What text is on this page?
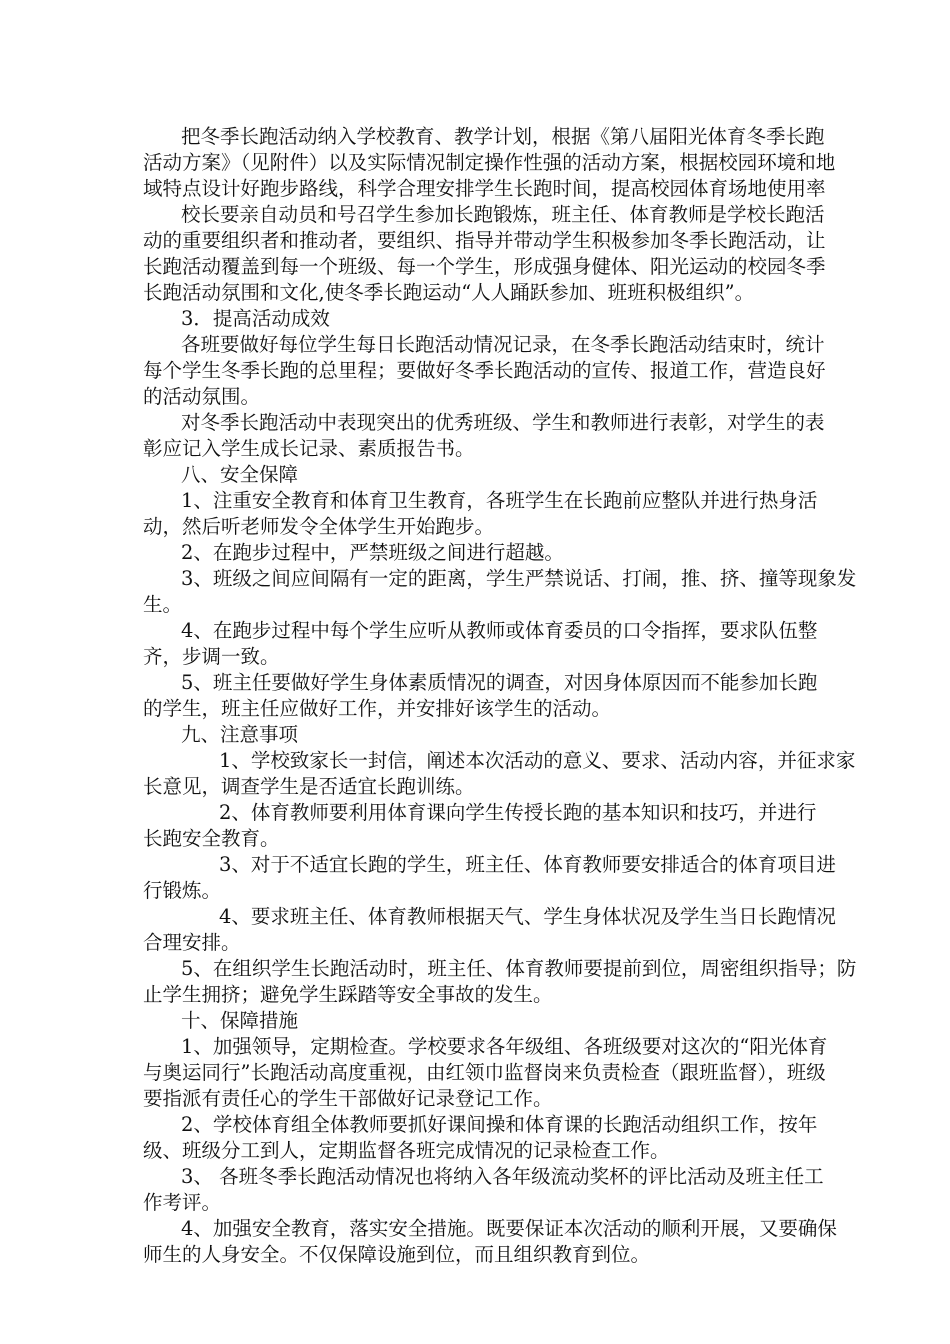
把冬季长跑活动纳入学校教育、教学计划，根据《第八届阳光体育冬季长跑
活动方案》（见附件）以及实际情况制定操作性强的活动方案，根据校园环境和地
域特点设计好跑步路线，科学合理安排学生长跑时间，提高校园体育场地使用率
校长要亲自动员和号召学生参加长跑锻炼，班主任、体育教师是学校长跑活
动的重要组织者和推动者，要组织、指导并带动学生积极参加冬季长跑活动，让
长跑活动覆盖到每一个班级、每一个学生，形成强身健体、阳光运动的校园冬季
长跑活动氛围和文化,使冬季长跑运动“人人踊跃参加、班班积极组织”。
3．提高活动成效
各班要做好每位学生每日长跑活动情况记录，在冬季长跑活动结束时，统计
每个学生冬季长跑的总里程；要做好冬季长跑活动的宣传、报道工作，营造良好
的活动氛围。
对冬季长跑活动中表现突出的优秀班级、学生和教师进行表彰，对学生的表
彰应记入学生成长记录、素质报告书。
八、安全保障
1、注重安全教育和体育卫生教育，各班学生在长跑前应整队并进行热身活
动，然后听老师发令全体学生开始跑步。
2、在跑步过程中，严禁班级之间进行超越。
3、班级之间应间隔有一定的距离，学生严禁说话、打闹，推、挤、撞等现象发
生。
4、在跑步过程中每个学生应听从教师或体育委员的口令指挥，要求队伍整
齐，步调一致。
5、班主任要做好学生身体素质情况的调查，对因身体原因而不能参加长跑
的学生，班主任应做好工作，并安排好该学生的活动。
九、注意事项
1、学校致家长一封信，阐述本次活动的意义、要求、活动内容，并征求家
长意见，调查学生是否适宜长跑训练。
2、体育教师要利用体育课向学生传授长跑的基本知识和技巧，并进行
长跑安全教育。
3、对于不适宜长跑的学生，班主任、体育教师要安排适合的体育项目进
行锻炼。
4、要求班主任、体育教师根据天气、学生身体状况及学生当日长跑情况
合理安排。
5、在组织学生长跑活动时，班主任、体育教师要提前到位，周密组织指导；防
止学生拥挤；避免学生踩踏等安全事故的发生。
十、保障措施
1、加强领导，定期检查。学校要求各年级组、各班级要对这次的“阳光体育
与奥运同行”长跑活动高度重视，由红领巾监督岗来负责检查（跟班监督），班级
要指派有责任心的学生干部做好记录登记工作。
2、学校体育组全体教师要抓好课间操和体育课的长跑活动组织工作，按年
级、班级分工到人，定期监督各班完成情况的记录检查工作。
3、 各班冬季长跑活动情况也将纳入各年级流动奖杯的评比活动及班主任工
作考评。
4、加强安全教育，落实安全措施。既要保证本次活动的顺利开展，又要确保
师生的人身安全。不仅保障设施到位，而且组织教育到位。
